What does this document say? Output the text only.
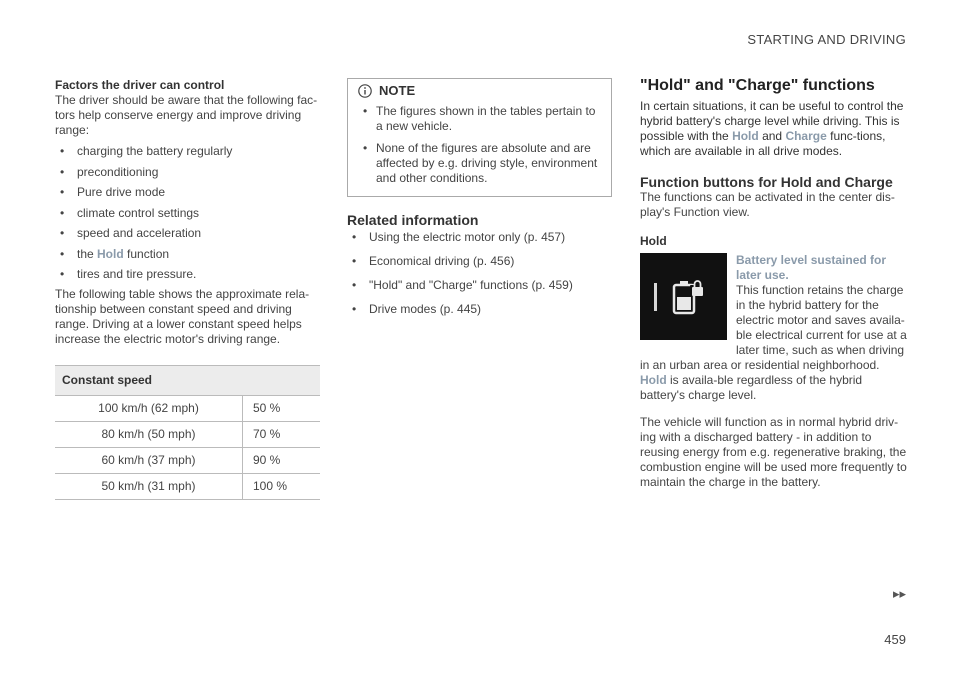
STARTING AND DRIVING

Factors the driver can control

The driver should be aware that the following fac-tors help conserve energy and improve driving range:

• charging the battery regularly
• preconditioning
• Pure drive mode
• climate control settings
• speed and acceleration
• the Hold function
• tires and tire pressure.

The following table shows the approximate rela-tionship between constant speed and driving range. Driving at a lower constant speed helps increase the electric motor's driving range.

Constant speed	
100 km/h (62 mph)	50 %
80 km/h (50 mph)	70 %
60 km/h (37 mph)	90 %
50 km/h (31 mph)	100 %
NOTE
• The figures shown in the tables pertain to a new vehicle.
• None of the figures are absolute and are affected by e.g. driving style, environment and other conditions.

Related information

• Using the electric motor only (p. 457)
• Economical driving (p. 456)
• "Hold" and "Charge" functions (p. 459)
• Drive modes (p. 445)

"Hold" and "Charge" functions

In certain situations, it can be useful to control the hybrid battery's charge level while driving. This is possible with the Hold and Charge func-tions, which are available in all drive modes.

Function buttons for Hold and Charge

The functions can be activated in the center dis-play's Function view.

Hold

Battery level sustained for later use.

This function retains the charge in the hybrid battery for the electric motor and saves availa-ble electrical current for use at a later time, such as when driving in an urban area or residential neighborhood. Hold is availa-ble regardless of the hybrid battery's charge level.

The vehicle will function as in normal hybrid driv-ing with a discharged battery - in addition to reusing energy from e.g. regenerative braking, the combustion engine will be used more frequently to maintain the charge in the battery.

▸▸
459
